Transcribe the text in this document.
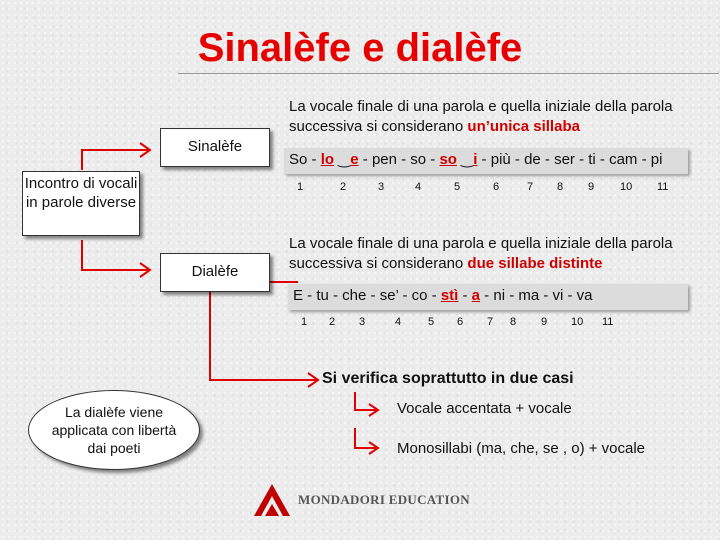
Sinalèfe e dialèfe
Incontro di vocali in parole diverse
Sinalèfe
Dialèfe
La vocale finale di una parola e quella iniziale della parola successiva si considerano un’unica sillaba
So - lo ‿e - pen - so - so ‿i - più - de - ser - ti - cam - pi
1	2	3	4	5	6	7 8 9 10 11
La vocale finale di una parola e quella iniziale della parola successiva si considerano due sillabe distinte
E - tu - che - se’ - co - stì - a - ni - ma - vi - va
1 2 3	4 5 6 7 8 9 10 11
Si verifica soprattutto in due casi
Vocale accentata + vocale
Monosillabi (ma, che, se , o) + vocale
La dialèfe viene applicata con libertà dai poeti
MONDADORI EDUCATION
